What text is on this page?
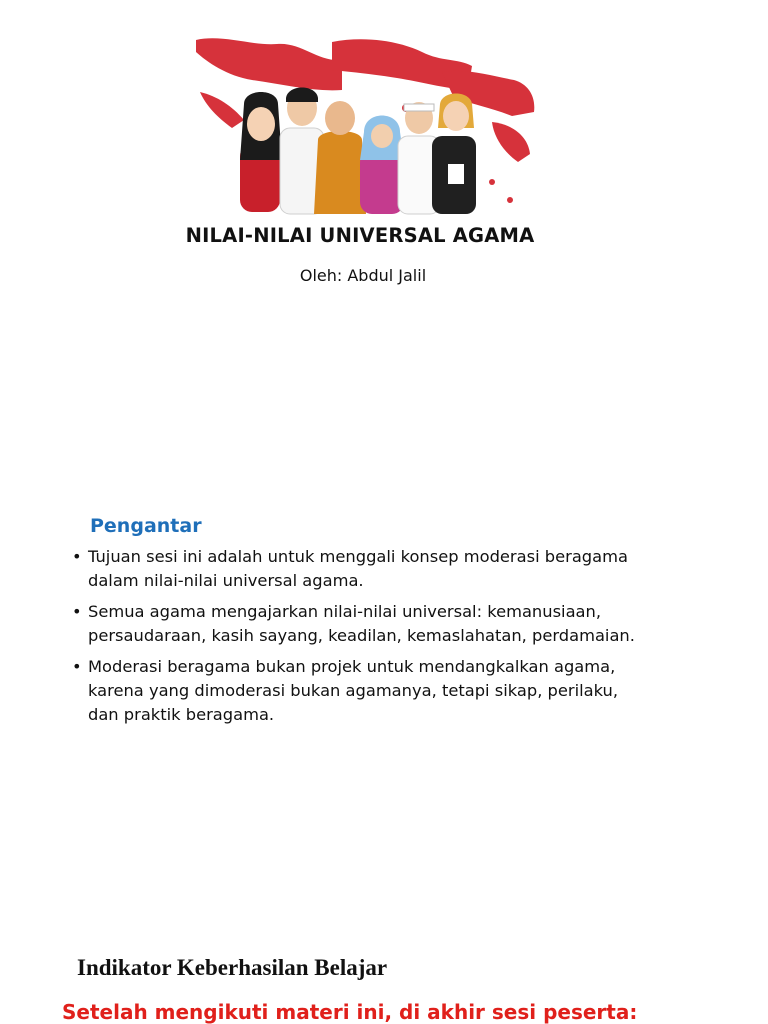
NILAI-NILAI UNIVERSAL AGAMA
Oleh: Abdul Jalil
Pengantar
• Tujuan sesi ini adalah untuk menggali konsep moderasi beragama
dalam nilai-nilai universal agama.
• Semua agama mengajarkan nilai-nilai universal: kemanusiaan,
persaudaraan, kasih sayang, keadilan, kemaslahatan, perdamaian.
• Moderasi beragama bukan projek untuk mendangkalkan agama,
karena yang dimoderasi bukan agamanya, tetapi sikap, perilaku,
dan praktik beragama.
Indikator Keberhasilan Belajar
Setelah mengikuti materi ini, di akhir sesi peserta:
